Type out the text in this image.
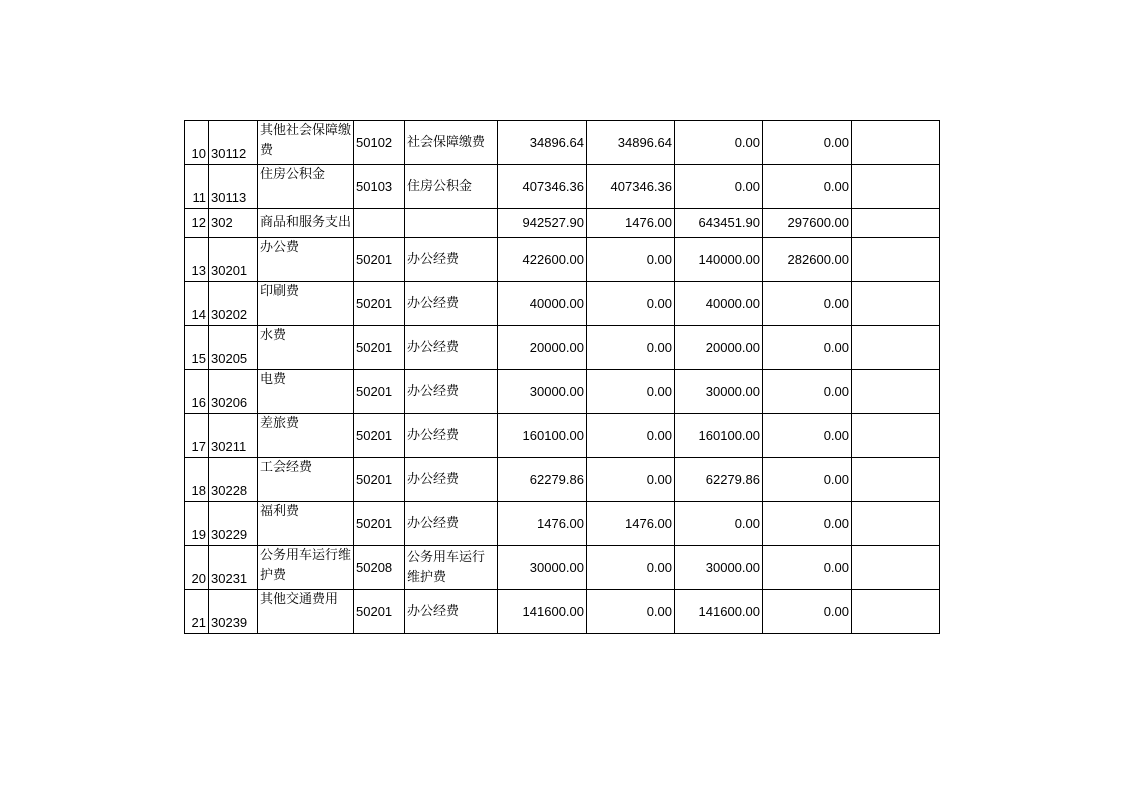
10	30112	其他社会保障缴费	50102	社会保障缴费	34896.64	34896.64	0.00	0.00	
11	30113	住房公积金	50103	住房公积金	407346.36	407346.36	0.00	0.00	
12	302	商品和服务支出			942527.90	1476.00	643451.90	297600.00	
13	30201	办公费	50201	办公经费	422600.00	0.00	140000.00	282600.00	
14	30202	印刷费	50201	办公经费	40000.00	0.00	40000.00	0.00	
15	30205	水费	50201	办公经费	20000.00	0.00	20000.00	0.00	
16	30206	电费	50201	办公经费	30000.00	0.00	30000.00	0.00	
17	30211	差旅费	50201	办公经费	160100.00	0.00	160100.00	0.00	
18	30228	工会经费	50201	办公经费	62279.86	0.00	62279.86	0.00	
19	30229	福利费	50201	办公经费	1476.00	1476.00	0.00	0.00	
20	30231	公务用车运行维护费	50208	公务用车运行维护费	30000.00	0.00	30000.00	0.00	
21	30239	其他交通费用	50201	办公经费	141600.00	0.00	141600.00	0.00	
